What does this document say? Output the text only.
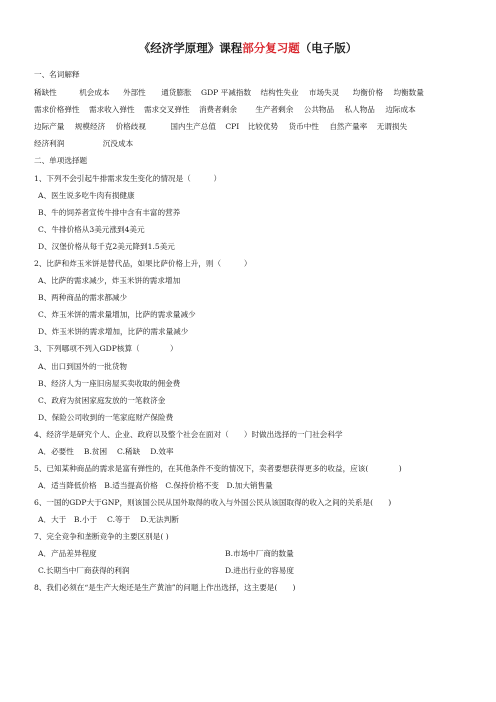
《经济学原理》课程部分复习题（电子版）
一、名词解释
稀缺性	机会成本 外部性 通货膨胀 GDP 平减指数 结构性失业 市场失灵 均衡价格 均衡数量
需求价格弹性 需求收入弹性 需求交叉弹性 消费者剩余 生产者剩余 公共物品 私人物品 边际成本
边际产量 规模经济 价格歧视	国内生产总值 CPI 比较优势 货币中性 自然产量率 无谓损失
经济利润	沉没成本
二、单项选择题
1、下列不会引起牛排需求发生变化的情况是（　　　）
A、医生说多吃牛肉有损健康
B、牛的饲养者宣传牛排中含有丰富的营养
C、牛排价格从3美元涨到4美元
D、汉堡价格从每千克2美元降到1.5美元
2、比萨和炸玉米饼是替代品，如果比萨价格上升，则（　　　）
A、比萨的需求减少，炸玉米饼的需求增加
B、两种商品的需求都减少
C、炸玉米饼的需求量增加，比萨的需求量减少
D、炸玉米饼的需求增加，比萨的需求量减少
3、下列哪项不列入GDP核算（　　　　）
A、出口到国外的一批货物
B、经济人为一座旧房屋买卖收取的佣金费
C、政府为贫困家庭发放的一笔救济金
D、保险公司收到的一笔家庭财产保险费
4、经济学是研究个人、企业、政府以及整个社会在面对（　　）时做出选择的一门社会科学
A．必要性　 B.贫困　 C.稀缺　 D.效率
5、已知某种商品的需求是富有弹性的，在其他条件不变的情况下，卖者要想获得更多的收益，应该(　　　　)
A．适当降低价格　B.适当提高价格　C.保持价格不变　D.加大销售量
6、一国的GDP大于GNP，则该国公民从国外取得的收入与外国公民从该国取得的收入之间的关系是(　　)
A．大于　B.小于　 C.等于　 D.无法判断
7、完全竞争和垄断竞争的主要区别是( )
A．产品差异程度	B.市场中厂商的数量
C.长期当中厂商获得的利润	D.进出行业的容易度
8、我们必须在“是生产大炮还是生产黄油”的问题上作出选择，这主要是(　　)
